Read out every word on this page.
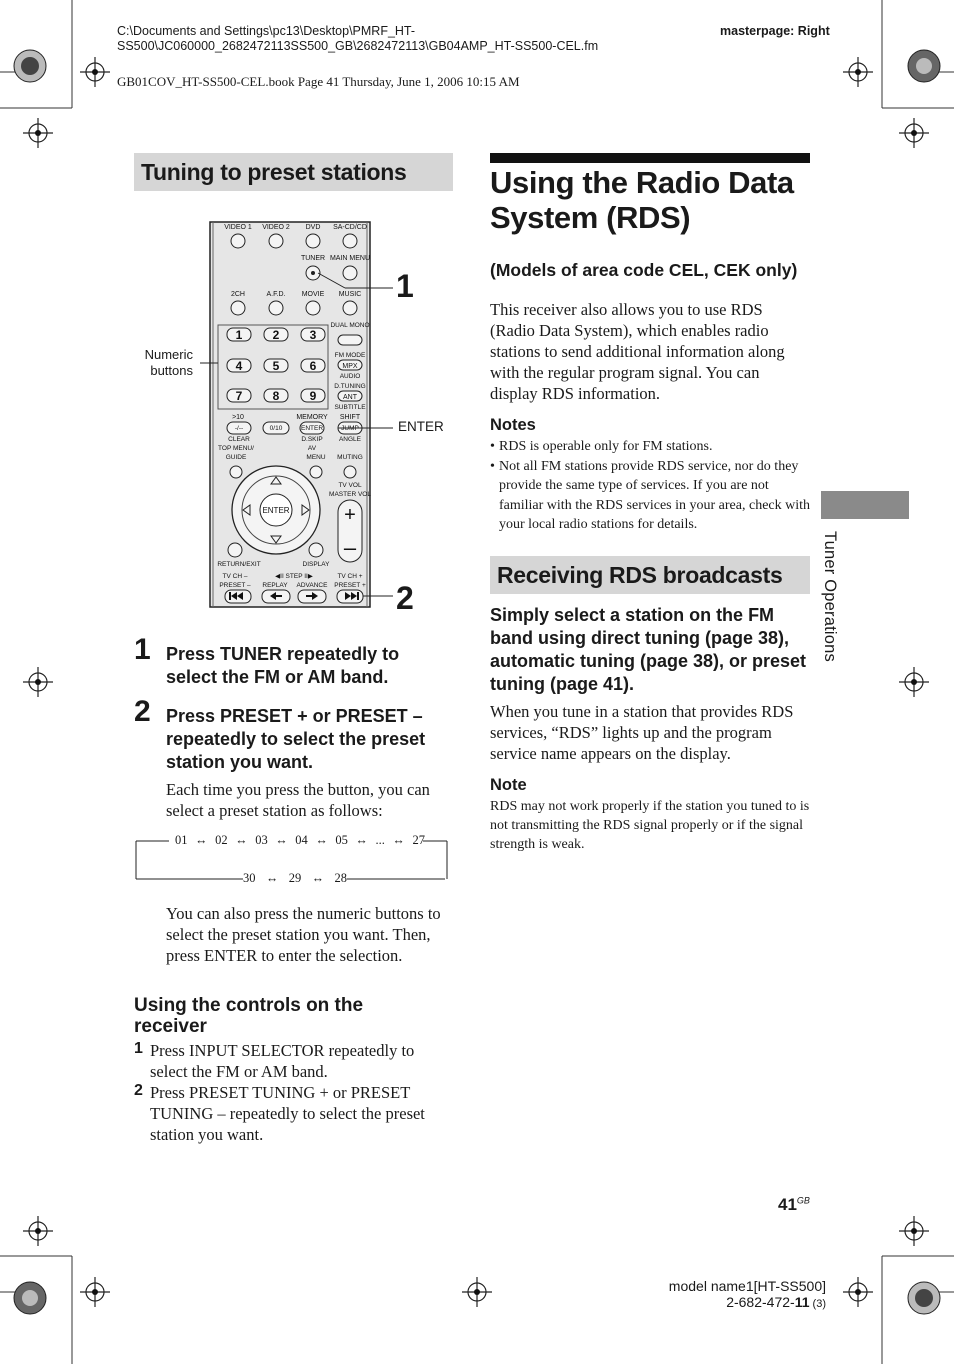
C:\Documents and Settings\pc13\Desktop\PMRF_HT-
SS500\JC060000_2682472113SS500_GB\2682472113\GB04AMP_HT-SS500-CEL.fm
masterpage: Right
GB01COV_HT-SS500-CEL.book Page 41 Thursday, June 1, 2006 10:15 AM
Tuning to preset stations
VIDEO 1 VIDEO 2 DVD SA-CD/CD
TUNER MAIN MENU
2CH	A.F.D. MOVIE MUSIC
1	2	3
4	5	6
7	8	9
DUAL MONO
FM MODE
AUDIO
D.TUNING
SUBTITLE
MPX
ANT
>10	MEMORY SHIFT
-/--	0/10	ENTER	JUMP
CLEAR	D.SKIP	ANGLE
TOP MENU/	AV
GUIDE	MENU MUTING
TV VOL
MASTER VOL
ENTER	+
–
RETURN/EXIT	DISPLAY
TV CH –	◀II STEP II▶	TV CH +
PRESET – REPLAY ADVANCE PRESET +
Numeric
buttons
ENTER
1
2
1 Press TUNER repeatedly to select the FM or AM band.
2 Press PRESET + or PRESET – repeatedly to select the preset station you want.
Each time you press the button, you can select a preset station as follows:
01 ↔ 02 ↔ 03 ↔ 04 ↔ 05 ↔ ... ↔ 27
30 ↔ 29 ↔ 28
You can also press the numeric buttons to select the preset station you want. Then, press ENTER to enter the selection.
Using the controls on the receiver
1 Press INPUT SELECTOR repeatedly to select the FM or AM band.
2 Press PRESET TUNING + or PRESET TUNING – repeatedly to select the preset station you want.
Using the Radio Data System (RDS)
(Models of area code CEL, CEK only)
This receiver also allows you to use RDS (Radio Data System), which enables radio stations to send additional information along with the regular program signal. You can display RDS information.
Notes
• RDS is operable only for FM stations.
• Not all FM stations provide RDS service, nor do they provide the same type of services. If you are not familiar with the RDS services in your area, check with your local radio stations for details.
Receiving RDS broadcasts
Simply select a station on the FM band using direct tuning (page 38), automatic tuning (page 38), or preset tuning (page 41).
When you tune in a station that provides RDS services, “RDS” lights up and the program service name appears on the display.
Note
RDS may not work properly if the station you tuned to is not transmitting the RDS signal properly or if the signal strength is weak.
Tuner Operations
$41^{GB}$
model name1[HT-SS500]
2-682-472-11 (3)
